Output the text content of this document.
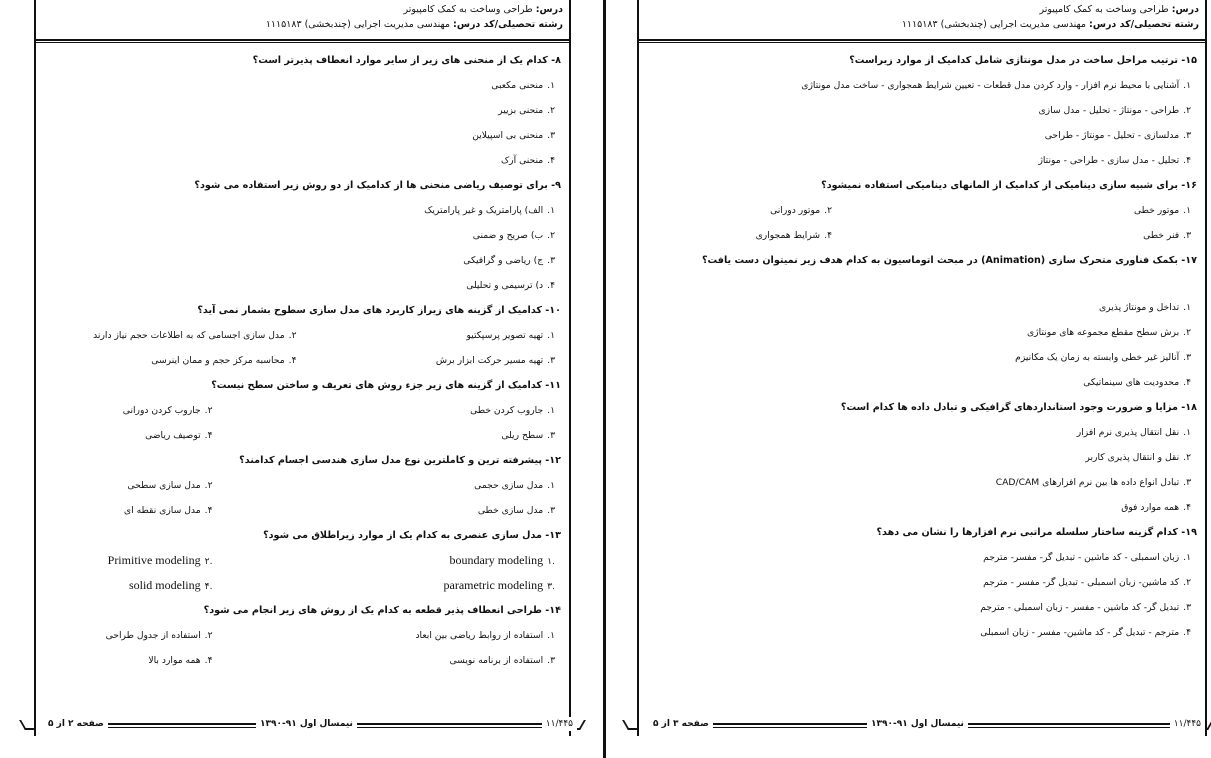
درس: طراحی وساخت به کمک کامپیوتر
رشته تحصیلی/کد درس: مهندسی مدیریت اجرایی (چندبخشی) ۱۱۱۵۱۸۳
۸- کدام یک از منحنی های زیر از سایر موارد انعطاف پذیرتر است؟
۱.منحنی مکعبی
۲.منحنی بزییر
۳.منحنی بی اسپیلاین
۴.منحنی آرک
۹- برای توصیف ریاضی منحنی ها از کدامیک از دو روش زیر استفاده می شود؟
۱.الف) پارامتریک و غیر پارامتریک
۲.ب) صریح و ضمنی
۳.ج) ریاضی و گرافیکی
۴.د) ترسیمی و تحلیلی
۱۰- کدامیک از گزینه های زیراز کاربرد های مدل سازی سطوح بشمار نمی آید؟
۱.تهیه تصویر پرسپکتیو
۲.مدل سازی اجسامی که به اطلاعات حجم نیاز دارند
۳.تهیه مسیر حرکت ابزار برش
۴.محاسبه مرکز حجم و ممان اینرسی
۱۱- کدامیک از گزینه های زیر جزء روش های تعریف و ساختن سطح نیست؟
۱.جاروب کردن خطی
۲.جاروب کردن دورانی
۳.سطح ریلی
۴.توصیف ریاضی
۱۲- پیشرفته ترین و کاملترین نوع مدل سازی هندسی اجسام کدامند؟
۱.مدل سازی حجمی
۲.مدل سازی سطحی
۳.مدل سازی خطی
۴.مدل سازی نقطه ای
۱۳- مدل سازی عنصری به کدام یک از موارد زیراطلاق می شود؟
.۱boundary modeling
.۲Primitive modeling
.۳parametric modeling
.۴solid modeling
۱۴- طراحی انعطاف پذیر قطعه به کدام یک از روش های زیر انجام می شود؟
۱.استفاده از روابط ریاضی بین ابعاد
۲.استفاده از جدول طراحی
۳.استفاده از برنامه نویسی
۴.همه موارد بالا
صفحه ۲ از ۵	نیمسال اول ۹۱-۱۳۹۰	۱۱/۴۴۵
درس: طراحی وساخت به کمک کامپیوتر
رشته تحصیلی/کد درس: مهندسی مدیریت اجرایی (چندبخشی) ۱۱۱۵۱۸۳
۱۵- ترتیب مراحل ساخت در مدل مونتاژی شامل کدامیک از موارد زیراست؟
۱.آشنایی با محیط نرم افزار - وارد کردن مدل قطعات - تعیین شرایط همجواری - ساخت مدل مونتاژی
۲.طراحی - مونتاژ - تحلیل - مدل سازی
۳.مدلسازی - تحلیل - مونتاژ - طراحی
۴.تحلیل - مدل سازی - طراحی - مونتاژ
۱۶- برای شبیه سازی دینامیکی از کدامیک از المانهای دینامیکی استفاده نمیشود؟
۱.موتور خطی
۲.موتور دورانی
۳.فنر خطی
۴.شرایط همجواری
۱۷- بکمک فناوری متحرک سازی (Animation) در مبحث اتوماسیون به کدام هدف زیر نمیتوان دست یافت؟
۱.تداخل و مونتاژ پذیری
۲.برش سطح مقطع مجموعه های مونتاژی
۳.آنالیز غیر خطی وابسته به زمان یک مکانیزم
۴.محدودیت های سینماتیکی
۱۸- مزایا و ضرورت وجود استانداردهای گرافیکی و تبادل داده ها کدام است؟
۱.نقل انتقال پذیری نرم افزار
۲.نقل و انتقال پذیری کاربر
۳.تبادل انواع داده ها بین نرم افزارهای CAD/CAM
۴.همه موارد فوق
۱۹- کدام گزینه ساختار سلسله مراتبی نرم افزارها را نشان می دهد؟
۱.زبان اسمبلی - کد ماشین - تبدیل گر- مفسر- مترجم
۲.کد ماشین- زبان اسمبلی - تبدیل گر- مفسر - مترجم
۳.تبدیل گر- کد ماشین - مفسر - زبان اسمبلی - مترجم
۴.مترجم - تبدیل گر - کد ماشین- مفسر - زبان اسمبلی
صفحه ۳ از ۵	نیمسال اول ۹۱-۱۳۹۰	۱۱/۴۴۵
